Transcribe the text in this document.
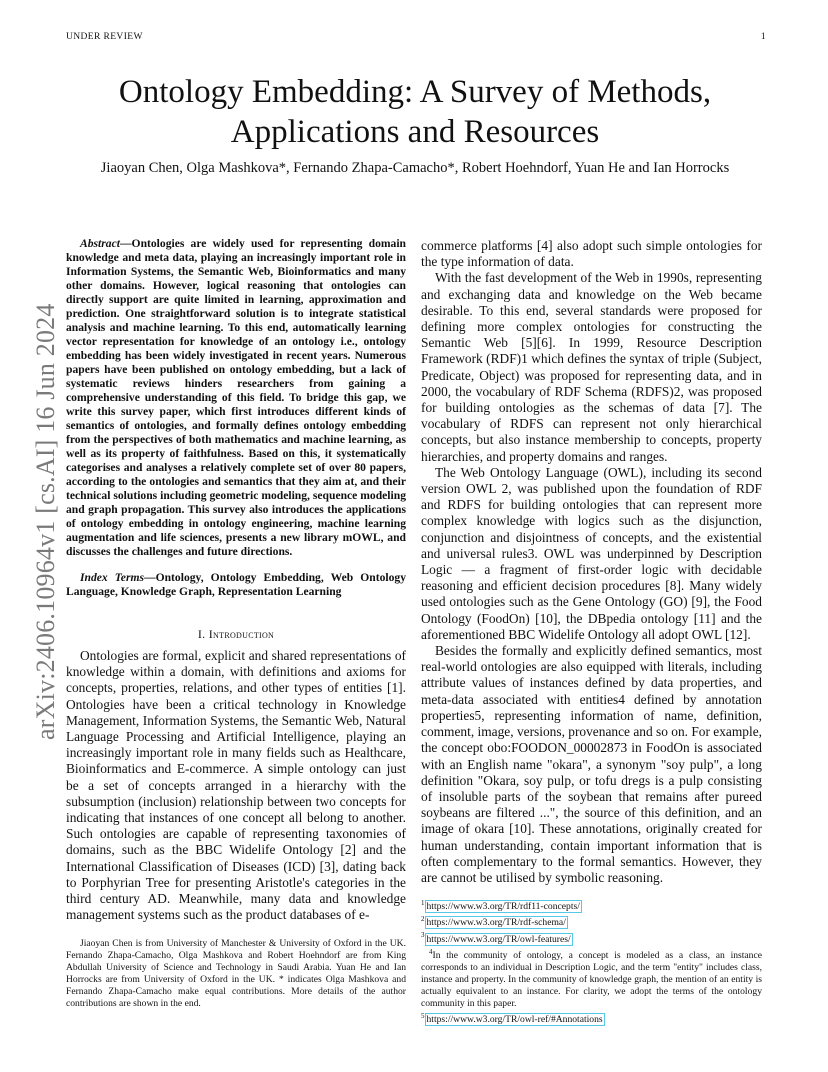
UNDER REVIEW	1
arXiv:2406.10964v1 [cs.AI] 16 Jun 2024
Ontology Embedding: A Survey of Methods, Applications and Resources
Jiaoyan Chen, Olga Mashkova*, Fernando Zhapa-Camacho*, Robert Hoehndorf, Yuan He and Ian Horrocks

Abstract—Ontologies are widely used for representing domain knowledge and meta data, playing an increasingly important role in Information Systems, the Semantic Web, Bioinformatics and many other domains. However, logical reasoning that ontologies can directly support are quite limited in learning, approximation and prediction. One straightforward solution is to integrate statistical analysis and machine learning. To this end, automatically learning vector representation for knowledge of an ontology i.e., ontology embedding has been widely investigated in recent years. Numerous papers have been published on ontology embedding, but a lack of systematic reviews hinders researchers from gaining a comprehensive understanding of this field. To bridge this gap, we write this survey paper, which first introduces different kinds of semantics of ontologies, and formally defines ontology embedding from the perspectives of both mathematics and machine learning, as well as its property of faithfulness. Based on this, it systematically categorises and analyses a relatively complete set of over 80 papers, according to the ontologies and semantics that they aim at, and their technical solutions including geometric modeling, sequence modeling and graph propagation. This survey also introduces the applications of ontology embedding in ontology engineering, machine learning augmentation and life sciences, presents a new library mOWL, and discusses the challenges and future directions.

Index Terms—Ontology, Ontology Embedding, Web Ontology Language, Knowledge Graph, Representation Learning

I. Introduction

Ontologies are formal, explicit and shared representations of knowledge within a domain, with definitions and axioms for concepts, properties, relations, and other types of entities [1]. Ontologies have been a critical technology in Knowledge Management, Information Systems, the Semantic Web, Natural Language Processing and Artificial Intelligence, playing an increasingly important role in many fields such as Healthcare, Bioinformatics and E-commerce. A simple ontology can just be a set of concepts arranged in a hierarchy with the subsumption (inclusion) relationship between two concepts for indicating that instances of one concept all belong to another. Such ontologies are capable of representing taxonomies of domains, such as the BBC Widelife Ontology [2] and the International Classification of Diseases (ICD) [3], dating back to Porphyrian Tree for presenting Aristotle's categories in the third century AD. Meanwhile, many data and knowledge management systems such as the product databases of e-

Jiaoyan Chen is from University of Manchester & University of Oxford in the UK. Fernando Zhapa-Camacho, Olga Mashkova and Robert Hoehndorf are from King Abdullah University of Science and Technology in Saudi Arabia. Yuan He and Ian Horrocks are from University of Oxford in the UK. * indicates Olga Mashkova and Fernando Zhapa-Camacho make equal contributions. More details of the author contributions are shown in the end.

commerce platforms [4] also adopt such simple ontologies for the type information of data.

With the fast development of the Web in 1990s, representing and exchanging data and knowledge on the Web became desirable. To this end, several standards were proposed for defining more complex ontologies for constructing the Semantic Web [5][6]. In 1999, Resource Description Framework (RDF)1 which defines the syntax of triple (Subject, Predicate, Object) was proposed for representing data, and in 2000, the vocabulary of RDF Schema (RDFS)2, was proposed for building ontologies as the schemas of data [7]. The vocabulary of RDFS can represent not only hierarchical concepts, but also instance membership to concepts, property hierarchies, and property domains and ranges.

The Web Ontology Language (OWL), including its second version OWL 2, was published upon the foundation of RDF and RDFS for building ontologies that can represent more complex knowledge with logics such as the disjunction, conjunction and disjointness of concepts, and the existential and universal rules3. OWL was underpinned by Description Logic — a fragment of first-order logic with decidable reasoning and efficient decision procedures [8]. Many widely used ontologies such as the Gene Ontology (GO) [9], the Food Ontology (FoodOn) [10], the DBpedia ontology [11] and the aforementioned BBC Widelife Ontology all adopt OWL [12].

Besides the formally and explicitly defined semantics, most real-world ontologies are also equipped with literals, including attribute values of instances defined by data properties, and meta-data associated with entities4 defined by annotation properties5, representing information of name, definition, comment, image, versions, provenance and so on. For example, the concept obo:FOODON_00002873 in FoodOn is associated with an English name "okara", a synonym "soy pulp", a long definition "Okara, soy pulp, or tofu dregs is a pulp consisting of insoluble parts of the soybean that remains after pureed soybeans are filtered ...", the source of this definition, and an image of okara [10]. These annotations, originally created for human understanding, contain important information that is often complementary to the formal semantics. However, they are cannot be utilised by symbolic reasoning.

$^1$ https://www.w3.org/TR/rdf11-concepts/

$^2$ https://www.w3.org/TR/rdf-schema/

$^3$ https://www.w3.org/TR/owl-features/

$^4$In the community of ontology, a concept is modeled as a class, an instance corresponds to an individual in Description Logic, and the term "entity" includes class, instance and property. In the community of knowledge graph, the mention of an entity is actually equivalent to an instance. For clarity, we adopt the terms of the ontology community in this paper.

$^5$ https://www.w3.org/TR/owl-ref/#Annotations
